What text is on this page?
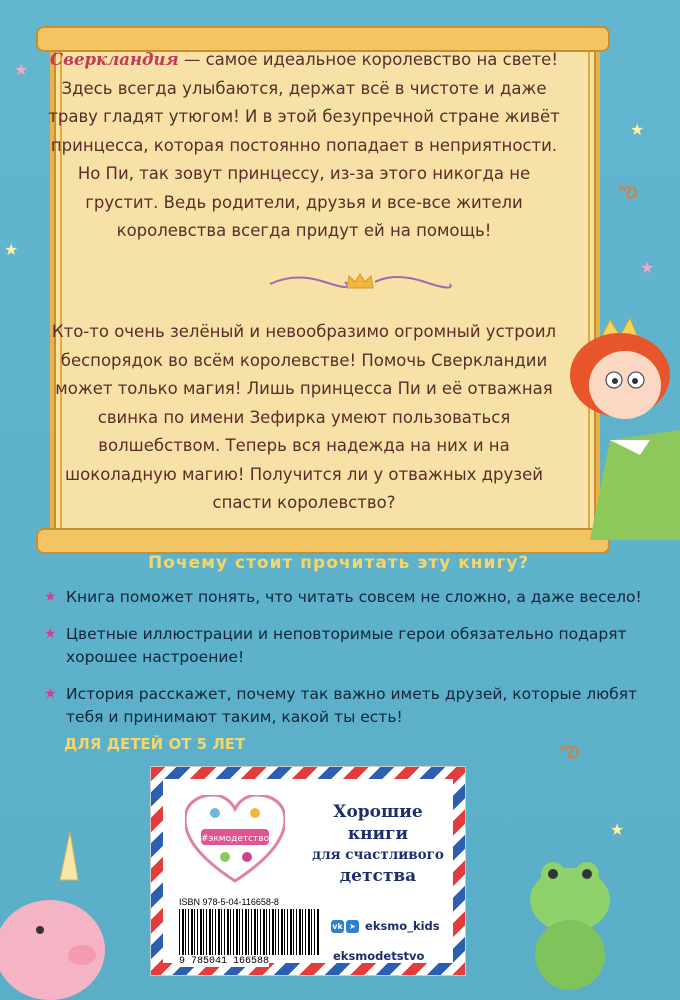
★
★
★
★
★
ఌ
ఌ
Сверкландия — самое идеальное королевство на свете! Здесь всегда улыбаются, держат всё в чистоте и даже траву гладят утюгом! И в этой безупречной стране живёт принцесса, которая постоянно попадает в неприятности. Но Пи, так зовут принцессу, из-за этого никогда не грустит. Ведь родители, друзья и все-все жители королевства всегда придут ей на помощь!
Кто-то очень зелёный и невообразимо огромный устроил беспорядок во всём королевстве! Помочь Сверкландии может только магия! Лишь принцесса Пи и её отважная свинка по имени Зефирка умеют пользоваться волшебством. Теперь вся надежда на них и на шоколадную магию! Получится ли у отважных друзей спасти королевство?
Почему стоит прочитать эту книгу?
★ Книга поможет понять, что читать совсем не сложно, а даже весело!
★ Цветные иллюстрации и неповторимые герои обязательно подарят хорошее настроение!
★ История расскажет, почему так важно иметь друзей, которые любят тебя и принимают таким, какой ты есть!
ДЛЯ ДЕТЕЙ ОТ 5 ЛЕТ
#экмодетство
Хорошие
книги
для счастливого
детства
ISBN 978-5-04-116658-8
9 785041 166588
vk ➤ eksmo_kids
eksmodetstvo
